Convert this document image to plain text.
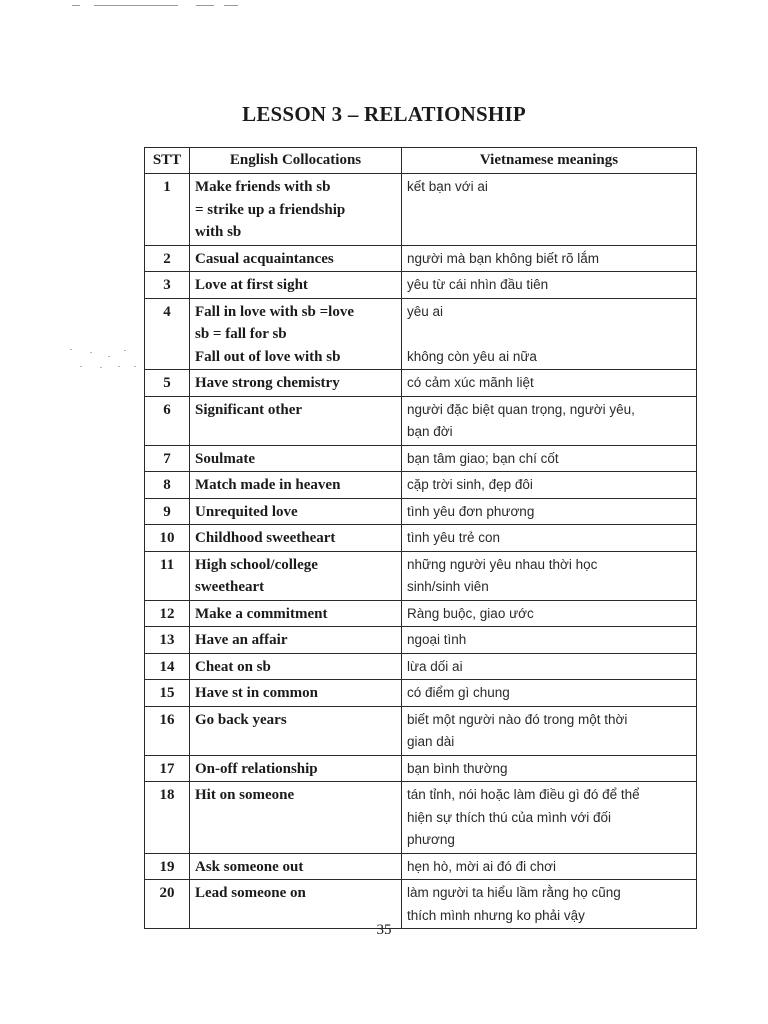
LESSON 3 – RELATIONSHIP
STT	English Collocations	Vietnamese meanings
1	Make friends with sb
= strike up a friendship
with sb	kết bạn với ai

2	Casual acquaintances	người mà bạn không biết rõ lắm

3	Love at first sight	yêu từ cái nhìn đầu tiên

4	Fall in love with sb =love
sb = fall for sb
Fall out of love with sb	yêu ai
không còn yêu ai nữa

5	Have strong chemistry	có cảm xúc mãnh liệt

6	Significant other	người đặc biệt quan trọng, người yêu,
bạn đời

7	Soulmate	bạn tâm giao; bạn chí cốt

8	Match made in heaven	cặp trời sinh, đẹp đôi

9	Unrequited love	tình yêu đơn phương

10	Childhood sweetheart	tình yêu trẻ con

11	High school/college
sweetheart	những người yêu nhau thời học
sinh/sinh viên

12	Make a commitment	Ràng buộc, giao ước

13	Have an affair	ngoại tình

14	Cheat on sb	lừa dối ai

15	Have st in common	có điểm gì chung

16	Go back years	biết một người nào đó trong một thời
gian dài

17	On-off relationship	bạn bình thường

18	Hit on someone	tán tỉnh, nói hoặc làm điều gì đó để thể
hiện sự thích thú của mình với đối
phương

19	Ask someone out	hẹn hò, mời ai đó đi chơi

20	Lead someone on	làm người ta hiểu lầm rằng họ cũng
thích mình nhưng ko phải vậy
35
